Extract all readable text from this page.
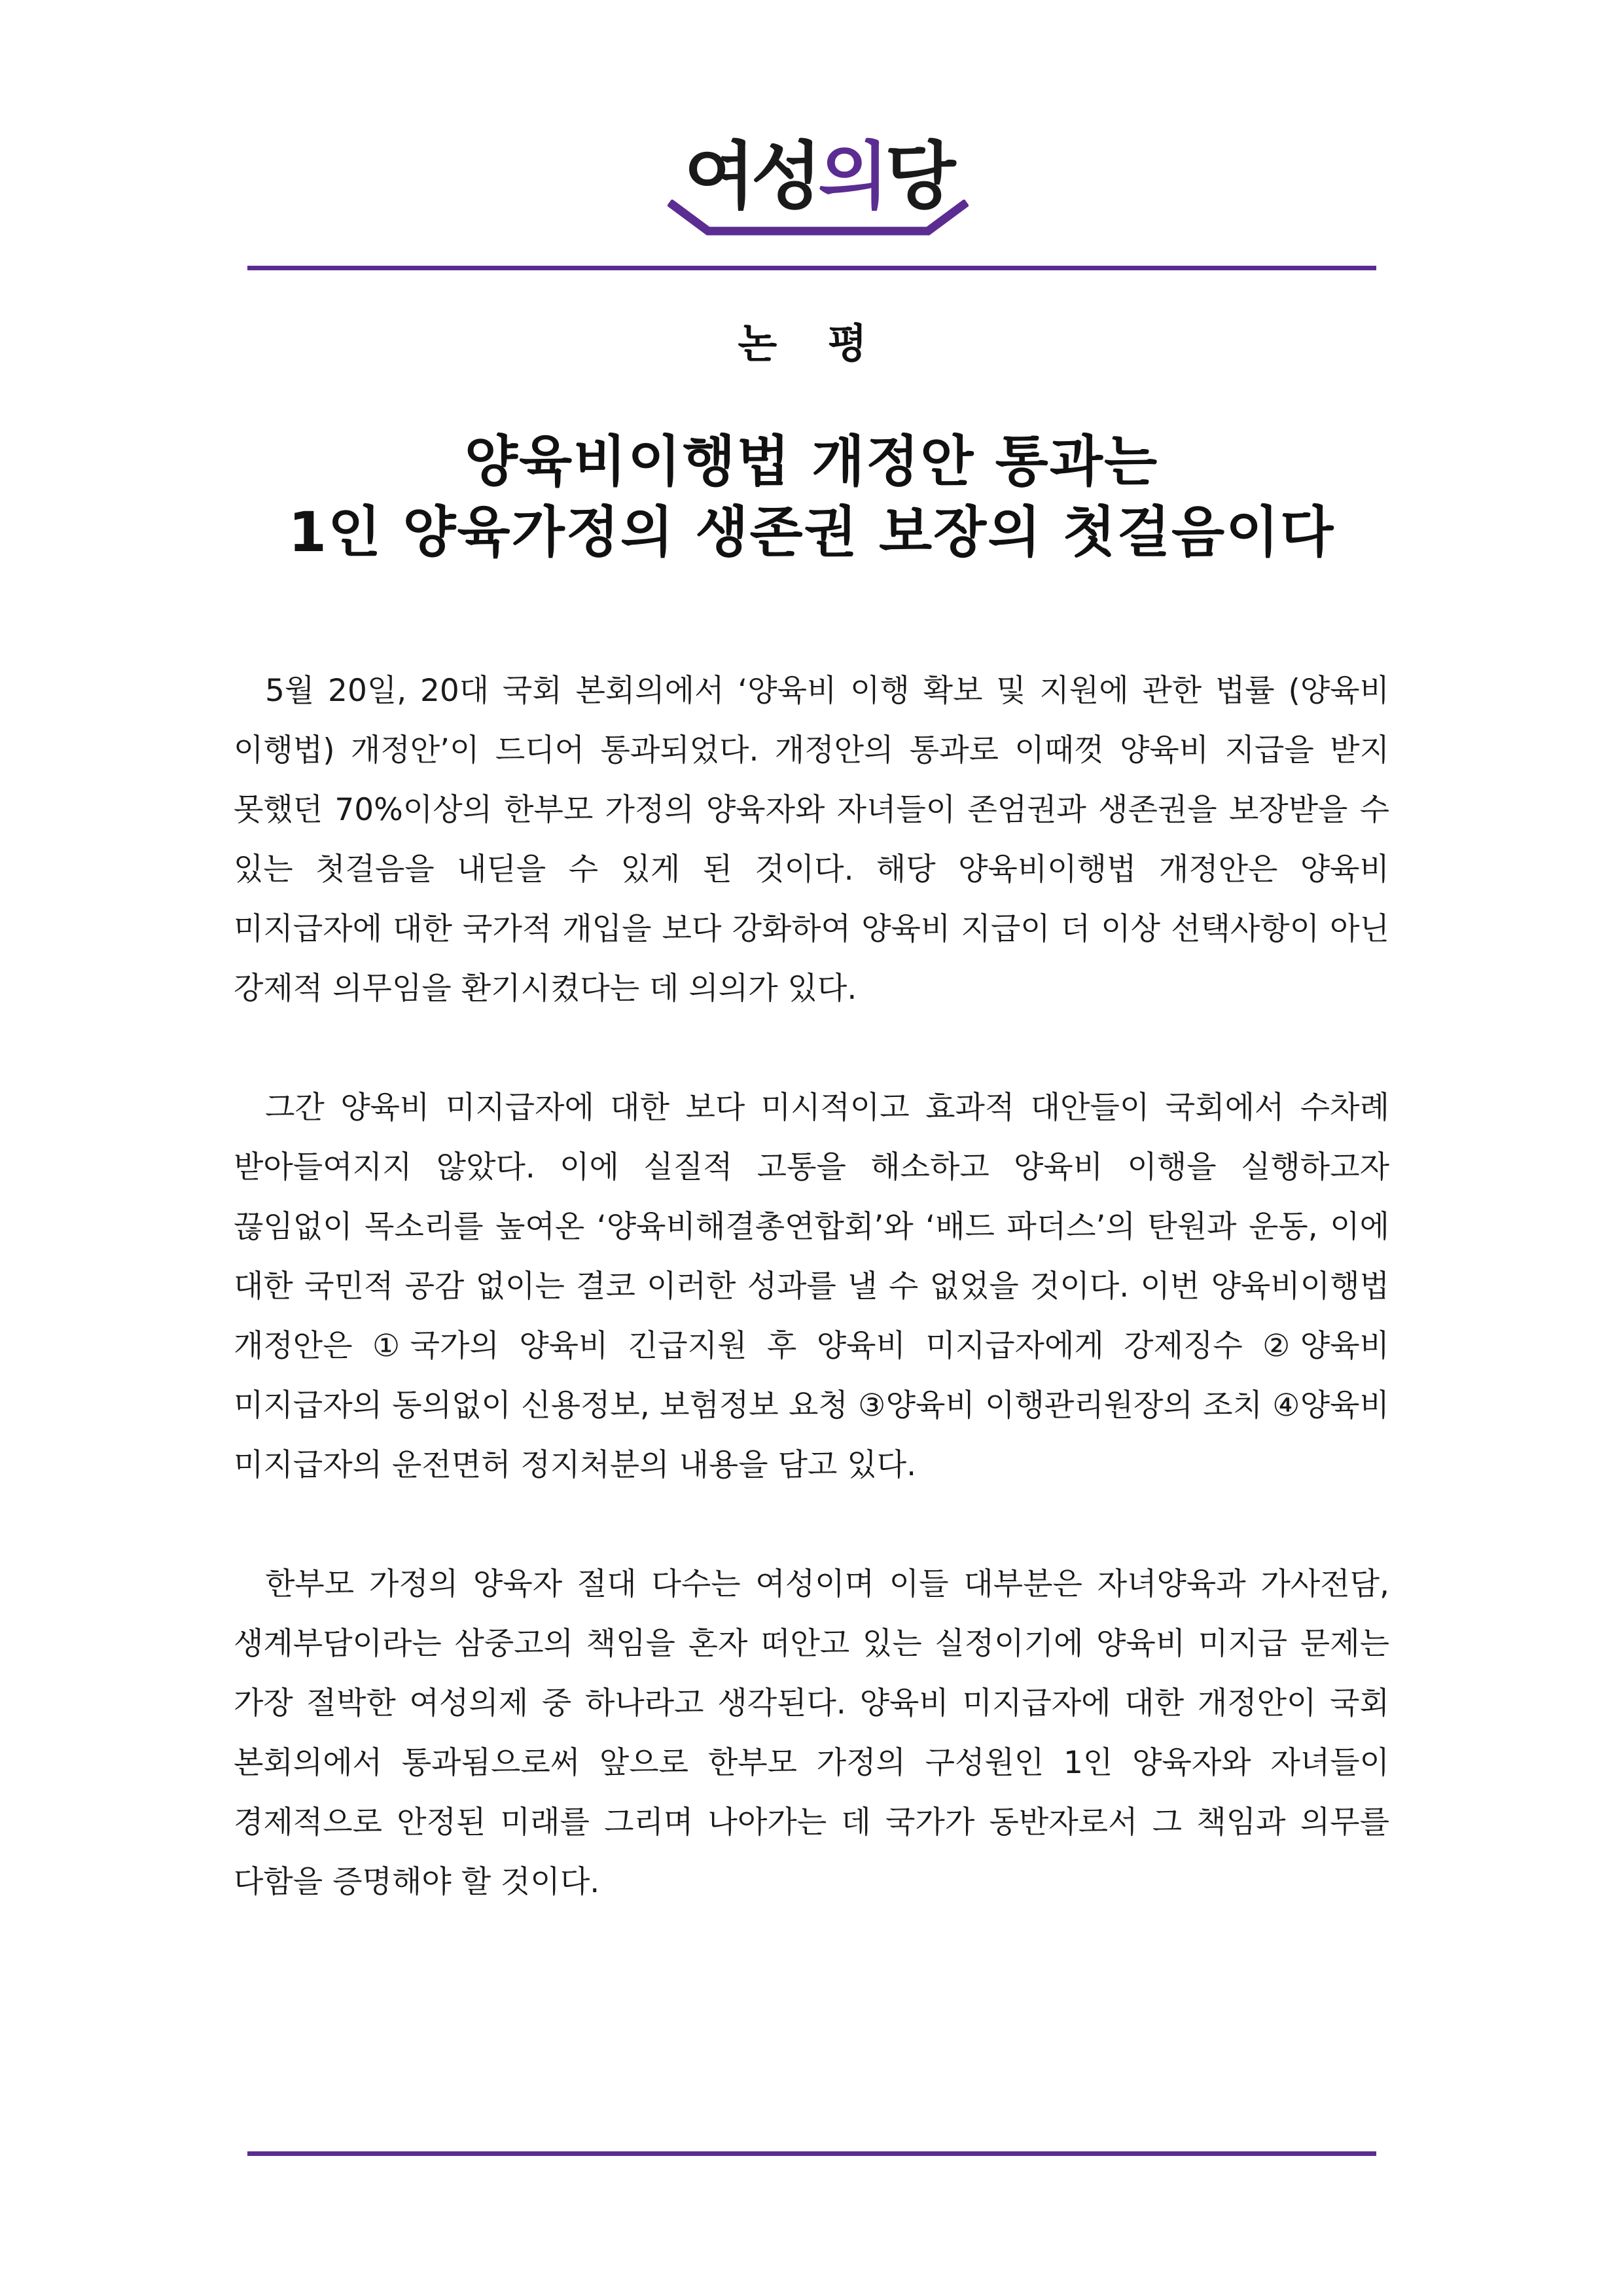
여성의당
논 평
양육비이행법 개정안 통과는
1인 양육가정의 생존권 보장의 첫걸음이다

5월 20일, 20대 국회 본회의에서 ‘양육비 이행 확보 및 지원에 관한 법률 (양육비 이행법) 개정안’이 드디어 통과되었다. 개정안의 통과로 이때껏 양육비 지급을 받지 못했던 70%이상의 한부모 가정의 양육자와 자녀들이 존엄권과 생존권을 보장받을 수 있는 첫걸음을 내딛을 수 있게 된 것이다. 해당 양육비이행법 개정안은 양육비 미지급자에 대한 국가적 개입을 보다 강화하여 양육비 지급이 더 이상 선택사항이 아닌 강제적 의무임을 환기시켰다는 데 의의가 있다.

그간 양육비 미지급자에 대한 보다 미시적이고 효과적 대안들이 국회에서 수차례 받아들여지지 않았다. 이에 실질적 고통을 해소하고 양육비 이행을 실행하고자 끊임없이 목소리를 높여온 ‘양육비해결총연합회’와 ‘배드 파더스’의 탄원과 운동, 이에 대한 국민적 공감 없이는 결코 이러한 성과를 낼 수 없었을 것이다. 이번 양육비이행법 개정안은 ①국가의 양육비 긴급지원 후 양육비 미지급자에게 강제징수 ②양육비 미지급자의 동의없이 신용정보, 보험정보 요청 ③양육비 이행관리원장의 조치 ④양육비 미지급자의 운전면허 정지처분의 내용을 담고 있다.

한부모 가정의 양육자 절대 다수는 여성이며 이들 대부분은 자녀양육과 가사전담, 생계부담이라는 삼중고의 책임을 혼자 떠안고 있는 실정이기에 양육비 미지급 문제는 가장 절박한 여성의제 중 하나라고 생각된다. 양육비 미지급자에 대한 개정안이 국회 본회의에서 통과됨으로써 앞으로 한부모 가정의 구성원인 1인 양육자와 자녀들이 경제적으로 안정된 미래를 그리며 나아가는 데 국가가 동반자로서 그 책임과 의무를 다함을 증명해야 할 것이다.
